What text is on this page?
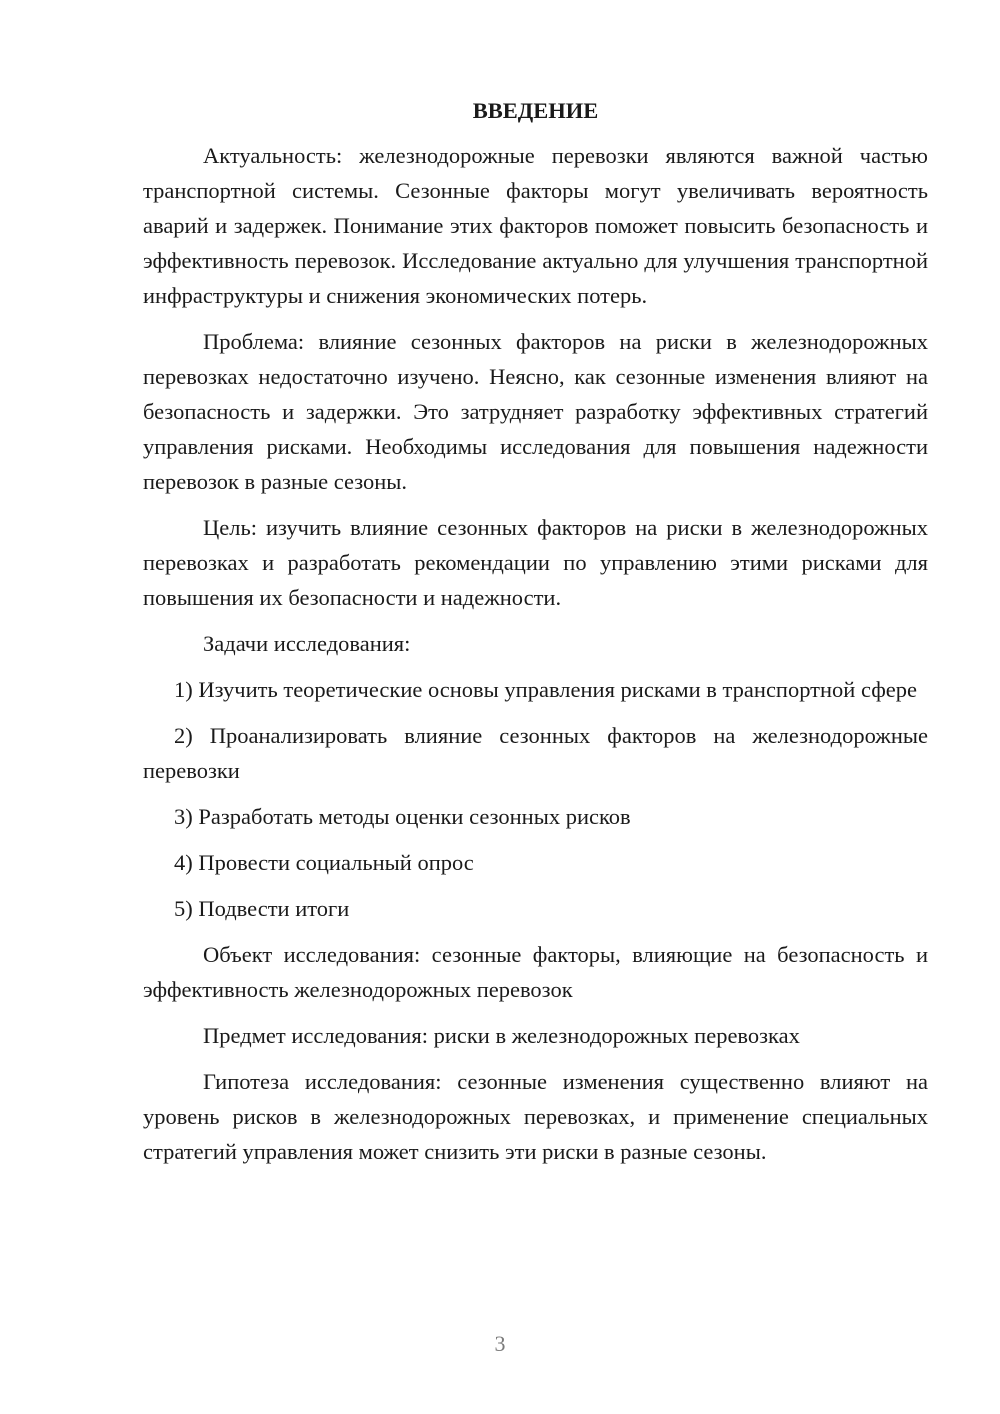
ВВЕДЕНИЕ

Актуальность: железнодорожные перевозки являются важной частью транспортной системы. Сезонные факторы могут увеличивать вероятность аварий и задержек. Понимание этих факторов поможет повысить безопасность и эффективность перевозок. Исследование актуально для улучшения транспортной инфраструктуры и снижения экономических потерь.

Проблема: влияние сезонных факторов на риски в железнодорожных перевозках недостаточно изучено. Неясно, как сезонные изменения влияют на безопасность и задержки. Это затрудняет разработку эффективных стратегий управления рисками. Необходимы исследования для повышения надежности перевозок в разные сезоны.

Цель: изучить влияние сезонных факторов на риски в железнодорожных перевозках и разработать рекомендации по управлению этими рисками для повышения их безопасности и надежности.

Задачи исследования:

1) Изучить теоретические основы управления рисками в транспортной сфере

2) Проанализировать влияние сезонных факторов на железнодорожные перевозки

3) Разработать методы оценки сезонных рисков

4) Провести социальный опрос

5) Подвести итоги

Объект исследования: сезонные факторы, влияющие на безопасность и эффективность железнодорожных перевозок

Предмет исследования: риски в железнодорожных перевозках

Гипотеза исследования: сезонные изменения существенно влияют на уровень рисков в железнодорожных перевозках, и применение специальных стратегий управления может снизить эти риски в разные сезоны.

3
